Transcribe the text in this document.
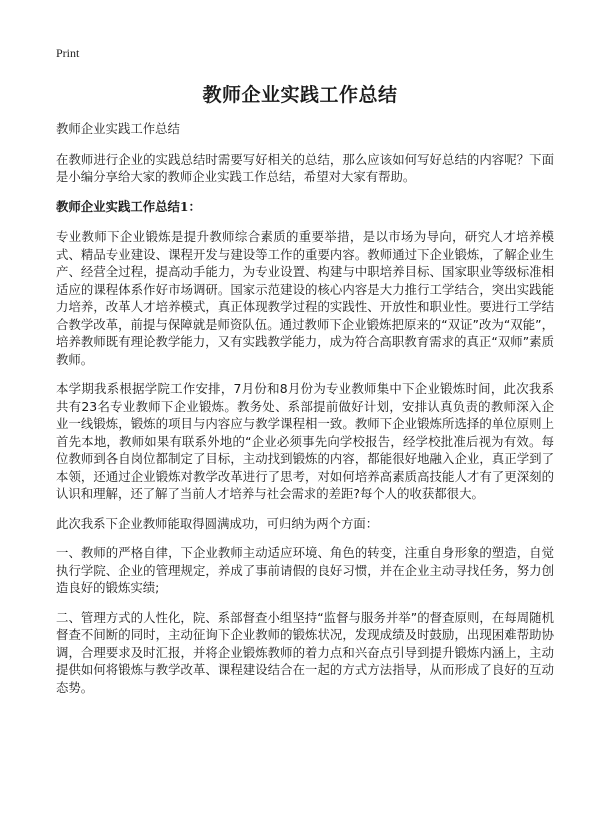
Print
教师企业实践工作总结

教师企业实践工作总结

在教师进行企业的实践总结时需要写好相关的总结，那么应该如何写好总结的内容呢？下面是小编分享给大家的教师企业实践工作总结，希望对大家有帮助。

教师企业实践工作总结1：

专业教师下企业锻炼是提升教师综合素质的重要举措，是以市场为导向，研究人才培养模式、精品专业建设、课程开发与建设等工作的重要内容。教师通过下企业锻炼，了解企业生产、经营全过程，提高动手能力，为专业设置、构建与中职培养目标、国家职业等级标准相适应的课程体系作好市场调研。国家示范建设的核心内容是大力推行工学结合，突出实践能力培养，改革人才培养模式，真正体现教学过程的实践性、开放性和职业性。要进行工学结合教学改革，前提与保障就是师资队伍。通过教师下企业锻炼把原来的“双证”改为“双能”，培养教师既有理论教学能力，又有实践教学能力，成为符合高职教育需求的真正“双师”素质教师。

本学期我系根据学院工作安排，7月份和8月份为专业教师集中下企业锻炼时间，此次我系共有23名专业教师下企业锻炼。教务处、系部提前做好计划，安排认真负责的教师深入企业一线锻炼，锻炼的项目与内容应与教学课程相一致。教师下企业锻炼所选择的单位原则上首先本地，教师如果有联系外地的“企业必须事先向学校报告，经学校批准后视为有效。每位教师到各自岗位都制定了目标，主动找到锻炼的内容，都能很好地融入企业，真正学到了本领，还通过企业锻炼对教学改革进行了思考，对如何培养高素质高技能人才有了更深刻的认识和理解，还了解了当前人才培养与社会需求的差距?每个人的收获都很大。

此次我系下企业教师能取得圆满成功，可归纳为两个方面：

一、教师的严格自律，下企业教师主动适应环境、角色的转变，注重自身形象的塑造，自觉执行学院、企业的管理规定，养成了事前请假的良好习惯，并在企业主动寻找任务，努力创造良好的锻炼实绩;

二、管理方式的人性化，院、系部督查小组坚持“监督与服务并举”的督查原则，在每周随机督查不间断的同时，主动征询下企业教师的锻炼状况，发现成绩及时鼓励，出现困难帮助协调，合理要求及时汇报，并将企业锻炼教师的着力点和兴奋点引导到提升锻炼内涵上，主动提供如何将锻炼与教学改革、课程建设结合在一起的方式方法指导，从而形成了良好的互动态势。
